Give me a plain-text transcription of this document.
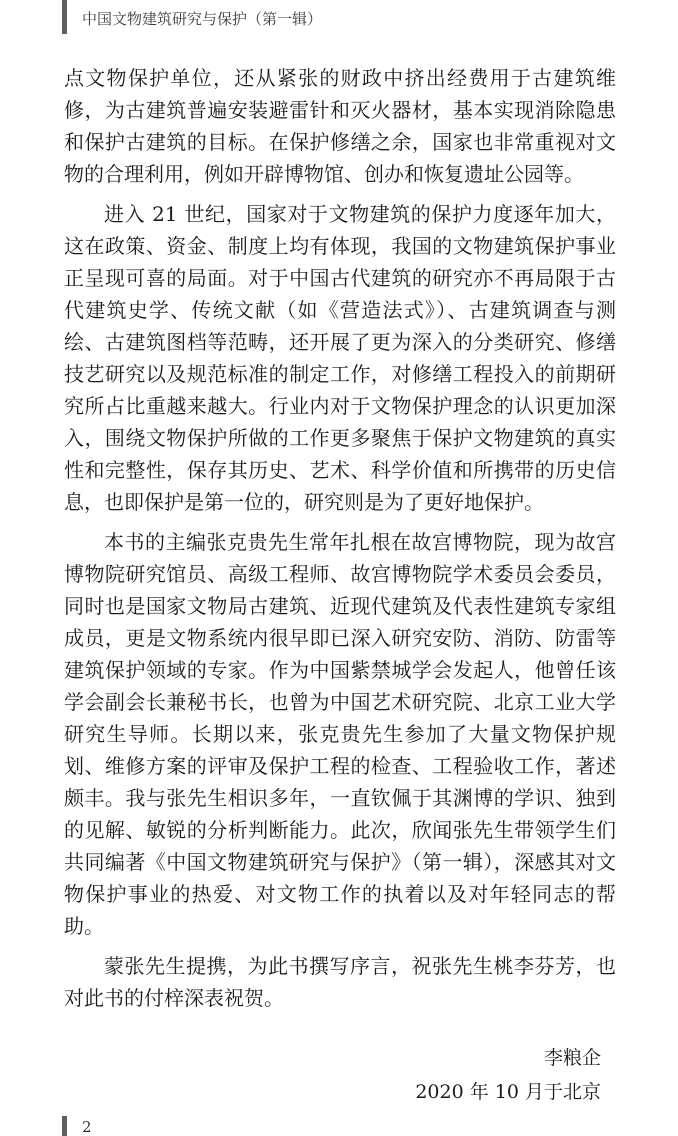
中国文物建筑研究与保护（第一辑）

点文物保护单位，还从紧张的财政中挤出经费用于古建筑维修，为古建筑普遍安装避雷针和灭火器材，基本实现消除隐患和保护古建筑的目标。在保护修缮之余，国家也非常重视对文物的合理利用，例如开辟博物馆、创办和恢复遗址公园等。

进入 21 世纪，国家对于文物建筑的保护力度逐年加大，这在政策、资金、制度上均有体现，我国的文物建筑保护事业正呈现可喜的局面。对于中国古代建筑的研究亦不再局限于古代建筑史学、传统文献（如《营造法式》）、古建筑调查与测绘、古建筑图档等范畴，还开展了更为深入的分类研究、修缮技艺研究以及规范标准的制定工作，对修缮工程投入的前期研究所占比重越来越大。行业内对于文物保护理念的认识更加深入，围绕文物保护所做的工作更多聚焦于保护文物建筑的真实性和完整性，保存其历史、艺术、科学价值和所携带的历史信息，也即保护是第一位的，研究则是为了更好地保护。

本书的主编张克贵先生常年扎根在故宫博物院，现为故宫博物院研究馆员、高级工程师、故宫博物院学术委员会委员，同时也是国家文物局古建筑、近现代建筑及代表性建筑专家组成员，更是文物系统内很早即已深入研究安防、消防、防雷等建筑保护领域的专家。作为中国紫禁城学会发起人，他曾任该学会副会长兼秘书长，也曾为中国艺术研究院、北京工业大学研究生导师。长期以来，张克贵先生参加了大量文物保护规划、维修方案的评审及保护工程的检查、工程验收工作，著述颇丰。我与张先生相识多年，一直钦佩于其渊博的学识、独到的见解、敏锐的分析判断能力。此次，欣闻张先生带领学生们共同编著《中国文物建筑研究与保护》（第一辑），深感其对文物保护事业的热爱、对文物工作的执着以及对年轻同志的帮助。

蒙张先生提携，为此书撰写序言，祝张先生桃李芬芳，也对此书的付梓深表祝贺。

李粮企
2020 年 10 月于北京
2
